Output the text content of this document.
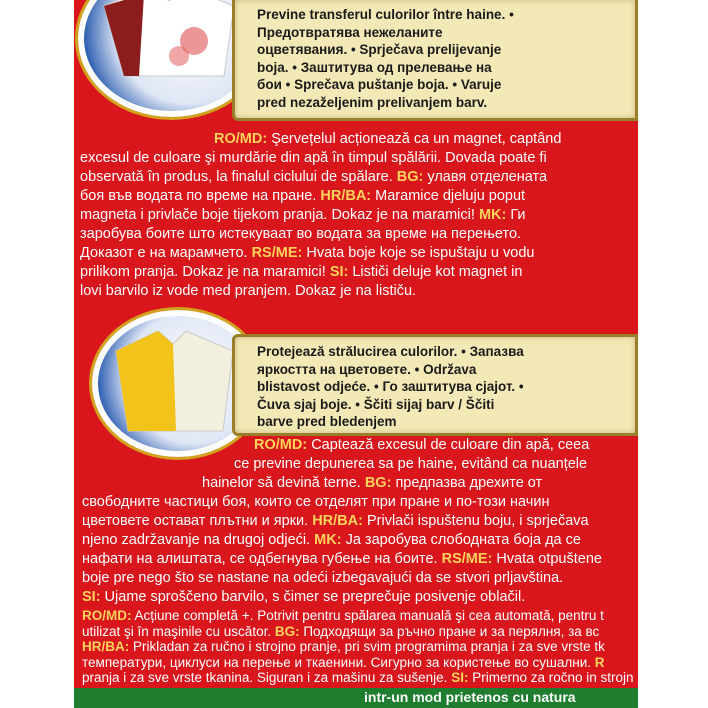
Previne transferul culorilor între haine. •
Предотвратява нежеланите
оцветявания. • Sprječava prelijevanje
boja. • Заштитува од прелевање на
бои • Sprečava puštanje boja. • Varuje
pred nezaželjenim prelivanjem barv.

RO/MD: Şervețelul acționează ca un magnet, captând

excesul de culoare şi murdărie din apă în timpul spălării. Dovada poate fi

observată în produs, la finalul ciclului de spălare. BG: улавя отделената

боя във водата по време на пране. HR/BA: Maramice djeluju poput

magneta i privlače boje tijekom pranja. Dokaz je na maramici! MK: Ги

заробува боите што истекуваат во водата за време на перењето.

Доказот е на марамчето. RS/ME: Hvata boje koje se ispuštaju u vodu

prilikom pranja. Dokaz je na maramici! SI: Lističi deluje kot magnet in

lovi barvilo iz vode med pranjem. Dokaz je na lističu.

Protejează strălucirea culorilor. • Запазва
яркостта на цветовете. • Održava
blistavost odjeće. • Го заштитува сјајот. •
Čuva sjaj boje. • Ščiti sijaj barv / Ščiti
barve pred bledenjem

RO/MD: Captează excesul de culoare din apă, ceea

ce previne depunerea sa pe haine, evitând ca nuanțele

hainelor să devină terne. BG: предпазва дрехите от

свободните частици боя, които се отделят при пране и по-този начин

цветовете остават плътни и ярки. HR/BA: Privlači ispuštenu boju, i sprječava

njeno zadržavanje na drugoj odjeći. MK: Ја заробува слободната боја да се

нафати на алиштата, се одбегнува губење на боите. RS/ME: Hvata otpuštene

boje pre nego što se nastane na odeći izbegavajući da se stvori prljavština.

SI: Ujame sproščeno barvilo, s čimer se preprečuje posivenje oblačil.

RO/MD: Acțiune completă +. Potrivit pentru spălarea manuală şi cea automată, pentru t

utilizat şi în maşinile cu uscător. BG: Подходящи за ръчно пране и за перялня, за вс

HR/BA: Prikladan za ručno i strojno pranje, pri svim programima pranja i za sve vrste tk

температури, циклуси на перење и ткаенини. Сигурно за користење во сушални. R

pranja i za sve vrste tkanina. Siguran i za mašinu za sušenje. SI: Primerno za ročno in strojn

intr-un mod prietenos cu natura
